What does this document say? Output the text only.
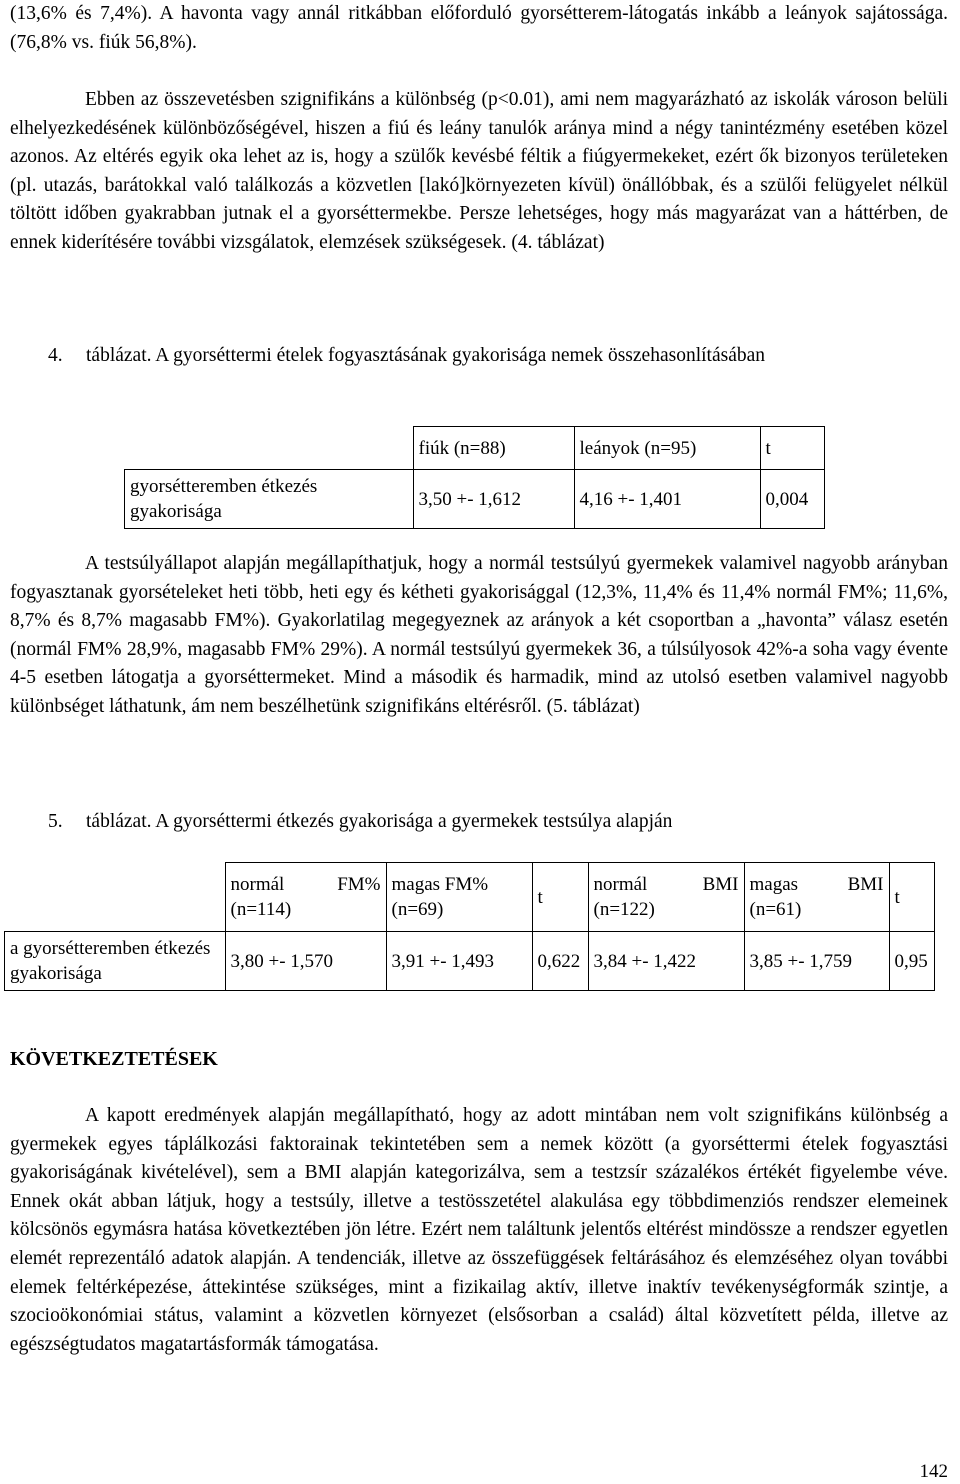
(13,6% és 7,4%). A havonta vagy annál ritkábban előforduló gyorsétterem-látogatás inkább a leányok sajátossága. (76,8% vs. fiúk 56,8%).

Ebben az összevetésben szignifikáns a különbség (p<0.01), ami nem magyarázható az iskolák városon belüli elhelyezkedésének különbözőségével, hiszen a fiú és leány tanulók aránya mind a négy tanintézmény esetében közel azonos. Az eltérés egyik oka lehet az is, hogy a szülők kevésbé féltik a fiúgyermekeket, ezért ők bizonyos területeken (pl. utazás, barátokkal való találkozás a közvetlen [lakó]környezeten kívül) önállóbbak, és a szülői felügyelet nélkül töltött időben gyakrabban jutnak el a gyorséttermekbe. Persze lehetséges, hogy más magyarázat van a háttérben, de ennek kiderítésére további vizsgálatok, elemzések szükségesek. (4. táblázat)

4.	táblázat. A gyorséttermi ételek fogyasztásának gyakorisága nemek összehasonlításában
	fiúk (n=88)	leányok (n=95)	t
gyorsétteremben étkezés gyakorisága	3,50 +- 1,612	4,16 +- 1,401	0,004

A testsúlyállapot alapján megállapíthatjuk, hogy a normál testsúlyú gyermekek valamivel nagyobb arányban fogyasztanak gyorsételeket heti több, heti egy és kétheti gyakorisággal (12,3%, 11,4% és 11,4% normál FM%; 11,6%, 8,7% és 8,7% magasabb FM%). Gyakorlatilag megegyeznek az arányok a két csoportban a „havonta” válasz esetén (normál FM% 28,9%, magasabb FM% 29%). A normál testsúlyú gyermekek 36, a túlsúlyosok 42%-a soha vagy évente 4-5 esetben látogatja a gyorséttermeket. Mind a második és harmadik, mind az utolsó esetben valamivel nagyobb különbséget láthatunk, ám nem beszélhetünk szignifikáns eltérésről. (5. táblázat)

5. táblázat. A gyorséttermi étkezés gyakorisága a gyermekek testsúlya alapján
	normál FM% (n=114)	magas FM% (n=69)	t	normál BMI (n=122)	magas BMI (n=61)	t
a gyorsétteremben étkezés gyakorisága	3,80 +- 1,570	3,91 +- 1,493	0,622	3,84 +- 1,422	3,85 +- 1,759	0,95
KÖVETKEZTETÉSEK

A kapott eredmények alapján megállapítható, hogy az adott mintában nem volt szignifikáns különbség a gyermekek egyes táplálkozási faktorainak tekintetében sem a nemek között (a gyorséttermi ételek fogyasztási gyakoriságának kivételével), sem a BMI alapján kategorizálva, sem a testzsír százalékos értékét figyelembe véve. Ennek okát abban látjuk, hogy a testsúly, illetve a testösszetétel alakulása egy többdimenziós rendszer elemeinek kölcsönös egymásra hatása következtében jön létre. Ezért nem találtunk jelentős eltérést mindössze a rendszer egyetlen elemét reprezentáló adatok alapján. A tendenciák, illetve az összefüggések feltárásához és elemzéséhez olyan további elemek feltérképezése, áttekintése szükséges, mint a fizikailag aktív, illetve inaktív tevékenységformák szintje, a szocioökonómiai státus, valamint a közvetlen környezet (elsősorban a család) által közvetített példa, illetve az egészségtudatos magatartásformák támogatása.

142
